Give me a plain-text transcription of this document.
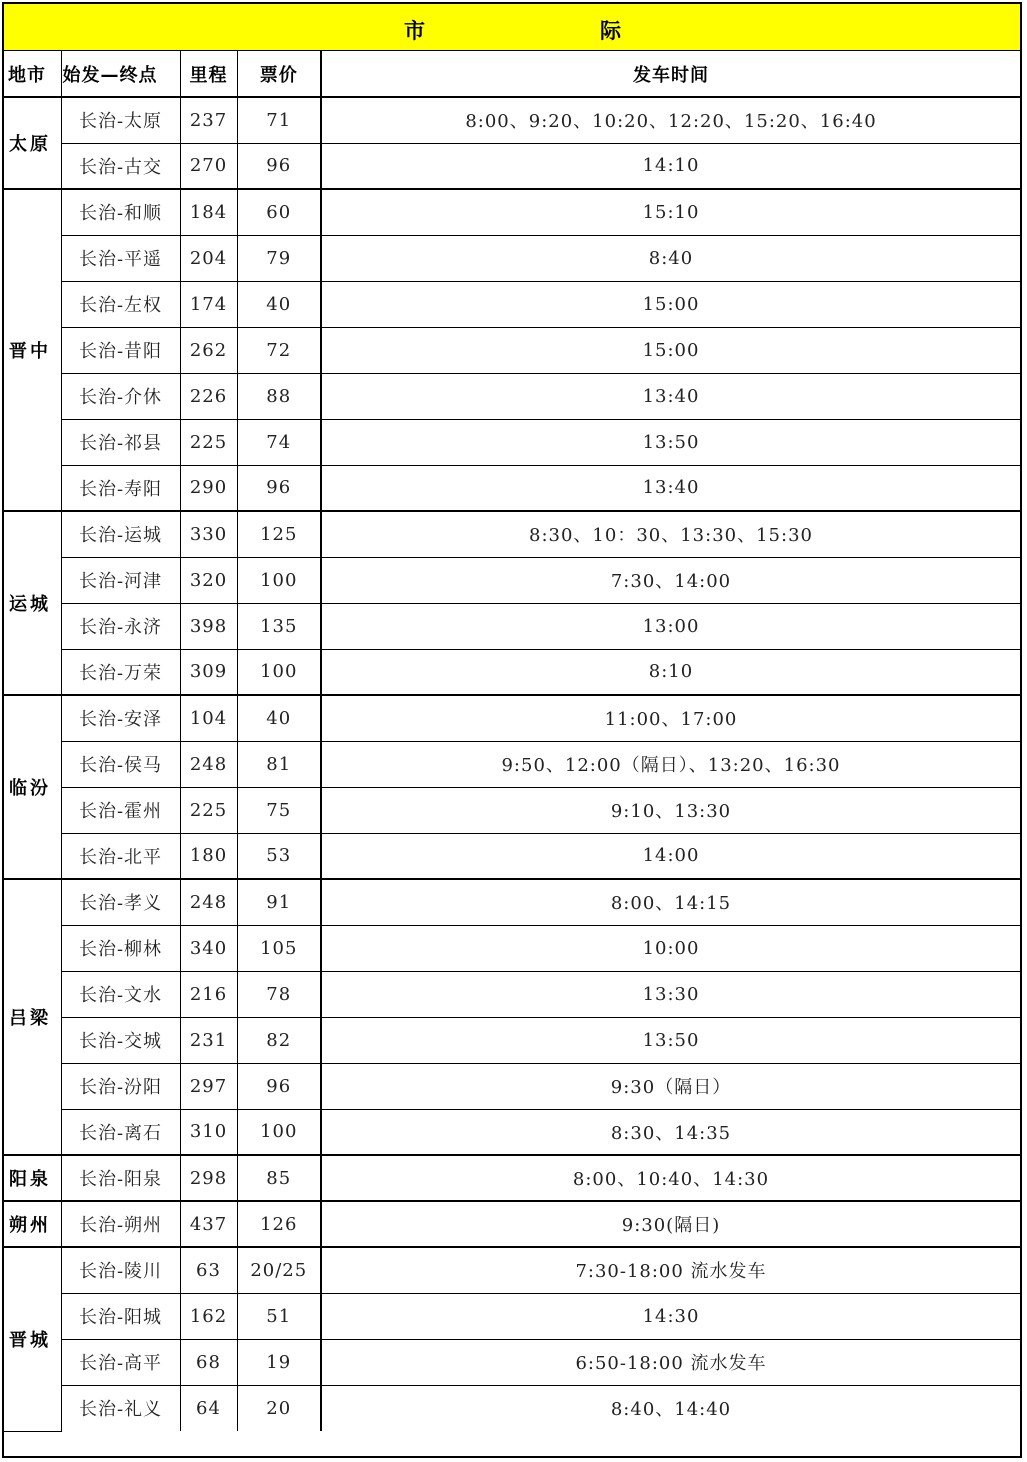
市	际
地市	始发—终点	里程	票价	发车时间
太原	长治-太原	237	71	8:00、9:20、10:20、12:20、15:20、16:40
	长治-古交	270	96	14:10
晋中	长治-和顺	184	60	15:10
	长治-平遥	204	79	8:40
	长治-左权	174	40	15:00
	长治-昔阳	262	72	15:00
	长治-介休	226	88	13:40
	长治-祁县	225	74	13:50
	长治-寿阳	290	96	13:40
运城	长治-运城	330	125	8:30、10：30、13:30、15:30
	长治-河津	320	100	7:30、14:00
	长治-永济	398	135	13:00
	长治-万荣	309	100	8:10
临汾	长治-安泽	104	40	11:00、17:00
	长治-侯马	248	81	9:50、12:00（隔日）、13:20、16:30
	长治-霍州	225	75	9:10、13:30
	长治-北平	180	53	14:00
吕梁	长治-孝义	248	91	8:00、14:15
	长治-柳林	340	105	10:00
	长治-文水	216	78	13:30
	长治-交城	231	82	13:50
	长治-汾阳	297	96	9:30（隔日）
	长治-离石	310	100	8:30、14:35
阳泉	长治-阳泉	298	85	8:00、10:40、14:30
朔州	长治-朔州	437	126	9:30(隔日)
晋城	长治-陵川	63	20/25	7:30-18:00 流水发车
	长治-阳城	162	51	14:30
	长治-高平	68	19	6:50-18:00 流水发车
	长治-礼义	64	20	8:40、14:40
